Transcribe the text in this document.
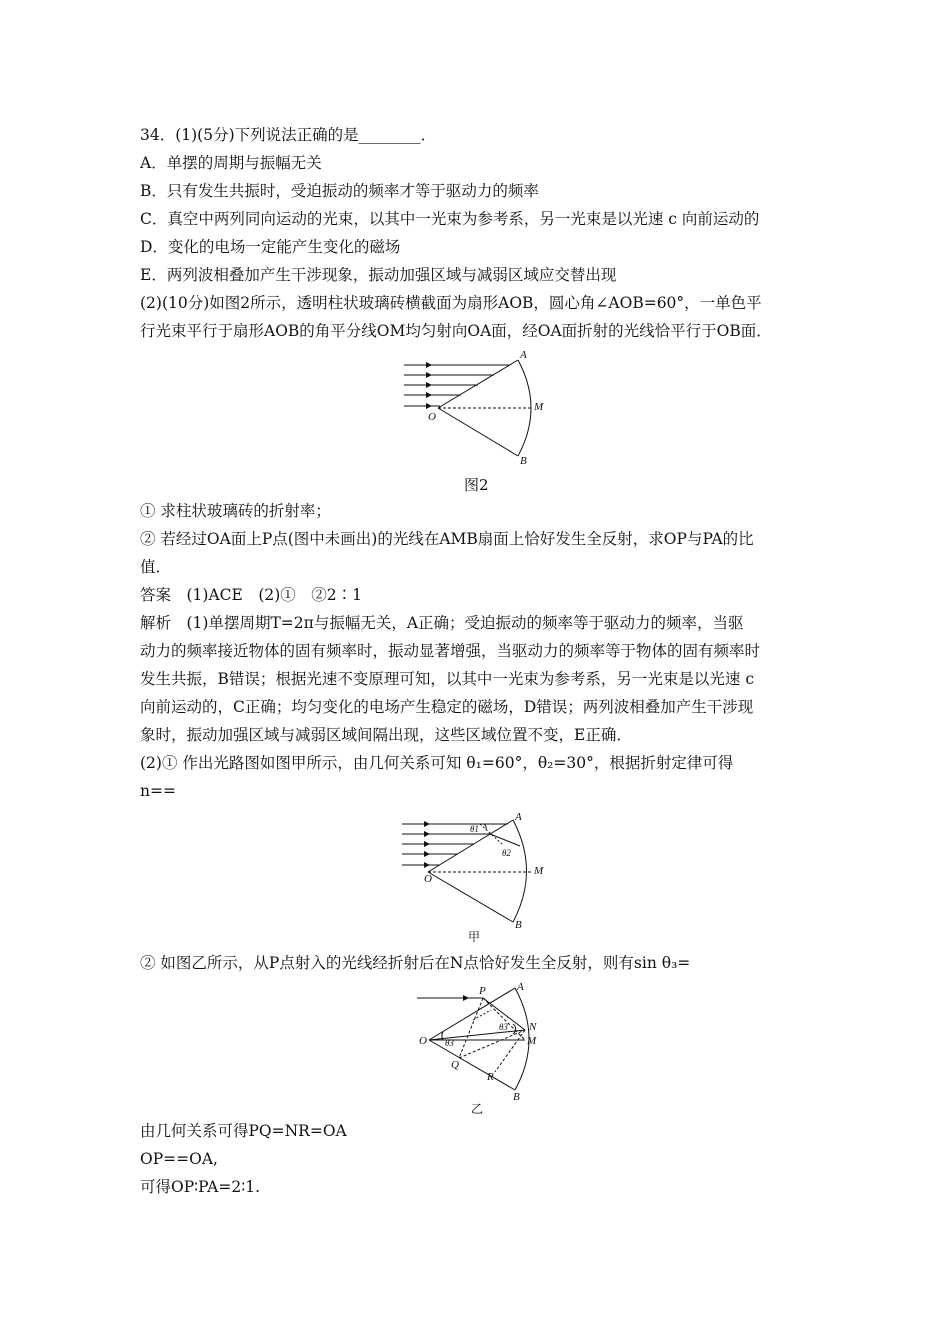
34．(1)(5分)下列说法正确的是________．
A．单摆的周期与振幅无关
B．只有发生共振时，受迫振动的频率才等于驱动力的频率
C．真空中两列同向运动的光束，以其中一光束为参考系，另一光束是以光速 c 向前运动的
D．变化的电场一定能产生变化的磁场
E．两列波相叠加产生干涉现象，振动加强区域与减弱区域应交替出现
(2)(10分)如图2所示，透明柱状玻璃砖横截面为扇形AOB，圆心角∠AOB=60°，一单色平
行光束平行于扇形AOB的角平分线OM均匀射向OA面，经OA面折射的光线恰平行于OB面．
A
B
O
M
图2
① 求柱状玻璃砖的折射率；
② 若经过OA面上P点(图中未画出)的光线在AMB扇面上恰好发生全反射，求OP与PA的比
值．
答案　(1)ACE　(2)①　②2∶1
解析　(1)单摆周期T=2π与振幅无关，A正确；受迫振动的频率等于驱动力的频率，当驱
动力的频率接近物体的固有频率时，振动显著增强，当驱动力的频率等于物体的固有频率时
发生共振，B错误；根据光速不变原理可知，以其中一光束为参考系，另一光束是以光速 c
向前运动的，C正确；均匀变化的电场产生稳定的磁场，D错误；两列波相叠加产生干涉现
象时，振动加强区域与减弱区域间隔出现，这些区域位置不变，E正确．
(2)① 作出光路图如图甲所示，由几何关系可知 θ₁=60°，θ₂=30°，根据折射定律可得
n==
A
B
O
M
θ1
θ2
甲
② 如图乙所示，从P点射入的光线经折射后在N点恰好发生全反射，则有sin θ₃=
A
B
O	M
P
Q
N
R
θ3
θ3
乙
由几何关系可得PQ=NR=OA
OP==OA,
可得OP∶PA=2∶1.
